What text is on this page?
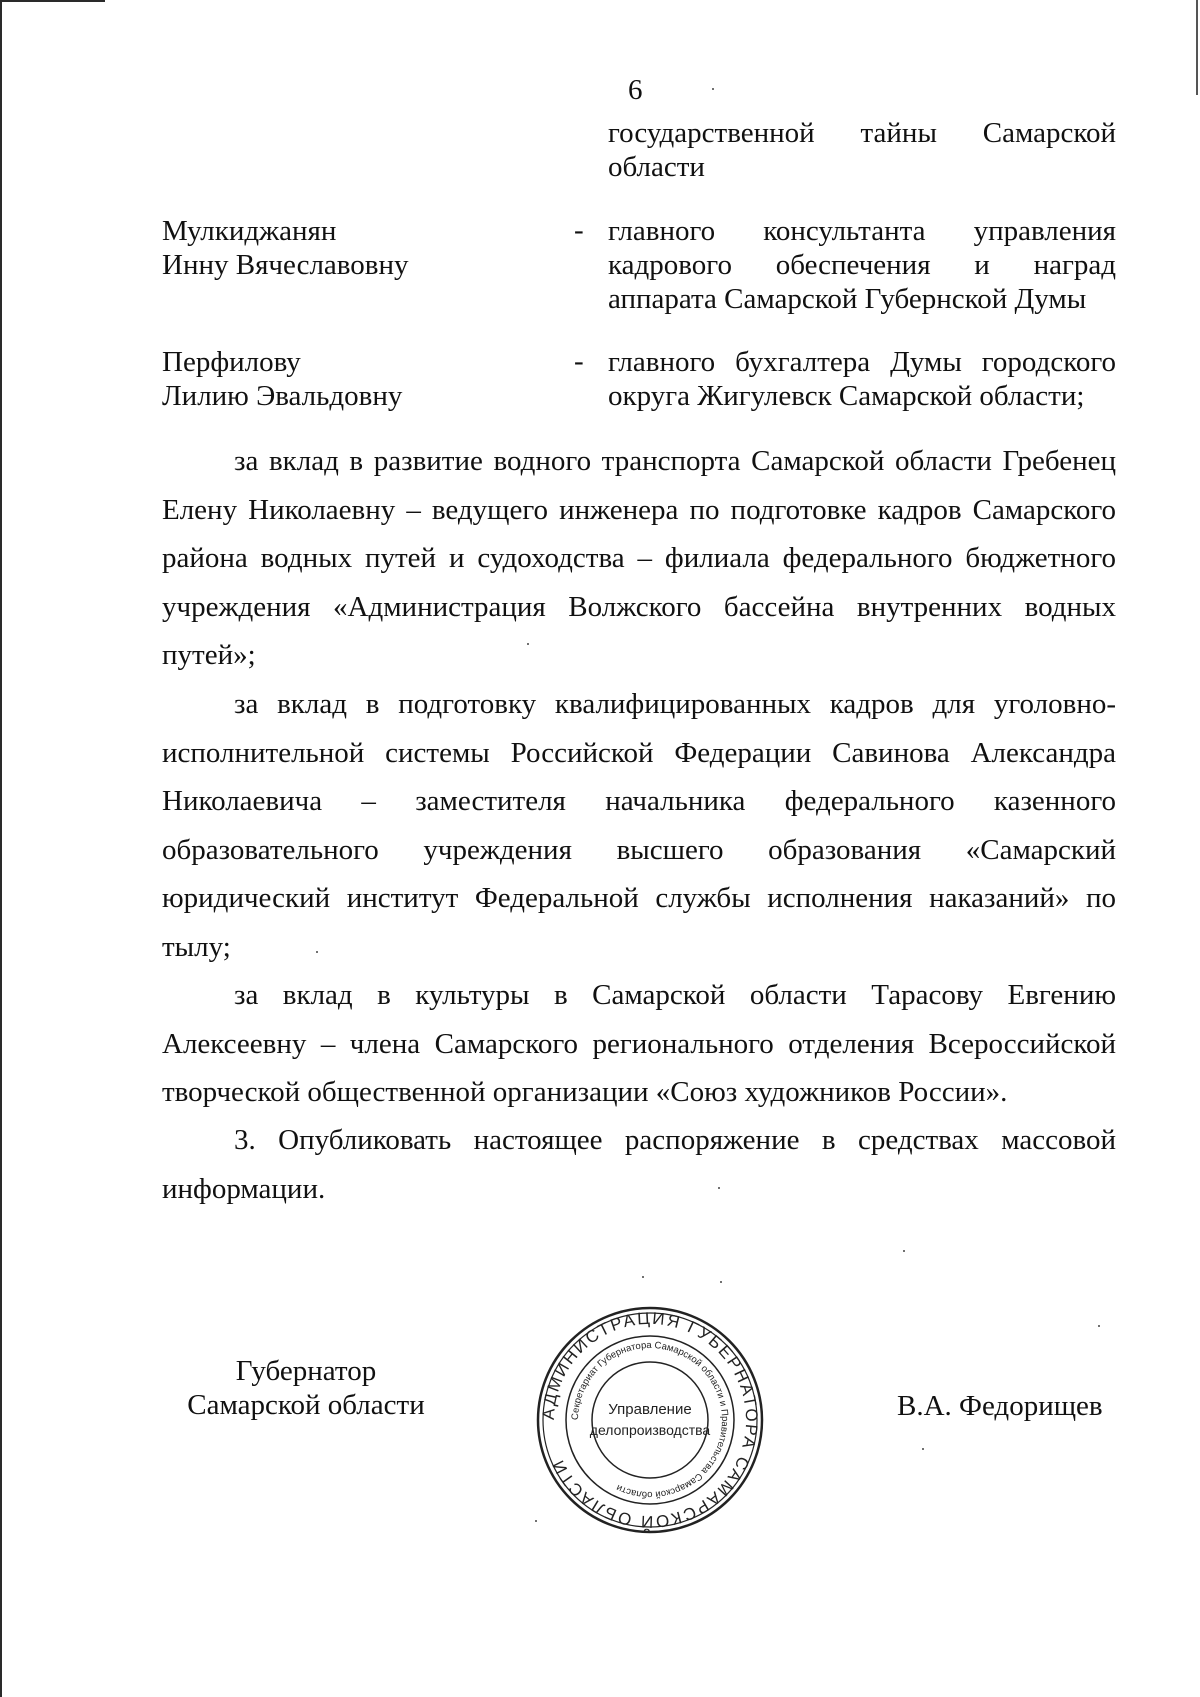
6
государственной тайны Самарской области
Мулкиджанян
Инну Вячеславовну
- главного консультанта управления кадрового обеспечения и наград аппарата Самарской Губернской Думы
Перфилову
Лилию Эвальдовну
- главного бухгалтера Думы городского округа Жигулевск Самарской области;
за вклад в развитие водного транспорта Самарской области Гребенец Елену Николаевну – ведущего инженера по подготовке кадров Самарского района водных путей и судоходства – филиала федерального бюджетного учреждения «Администрация Волжского бассейна внутренних водных путей»;
за вклад в подготовку квалифицированных кадров для уголовно-исполнительной системы Российской Федерации Савинова Александра Николаевича – заместителя начальника федерального казенного образовательного учреждения высшего образования «Самарский юридический институт Федеральной службы исполнения наказаний» по тылу;
за вклад в культуры в Самарской области Тарасову Евгению Алексеевну – члена Самарского регионального отделения Всероссийской творческой общественной организации «Союз художников России».
3. Опубликовать настоящее распоряжение в средствах массовой информации.
Губернатор
Самарской области	В.А. Федорищев
АДМИНИСТРАЦИЯ ГУБЕРНАТОРА САМАРСКОЙ ОБЛАСТИ
Секретариат Губернатора Самарской области и Правительства Самарской области
Управление
делопроизводства
